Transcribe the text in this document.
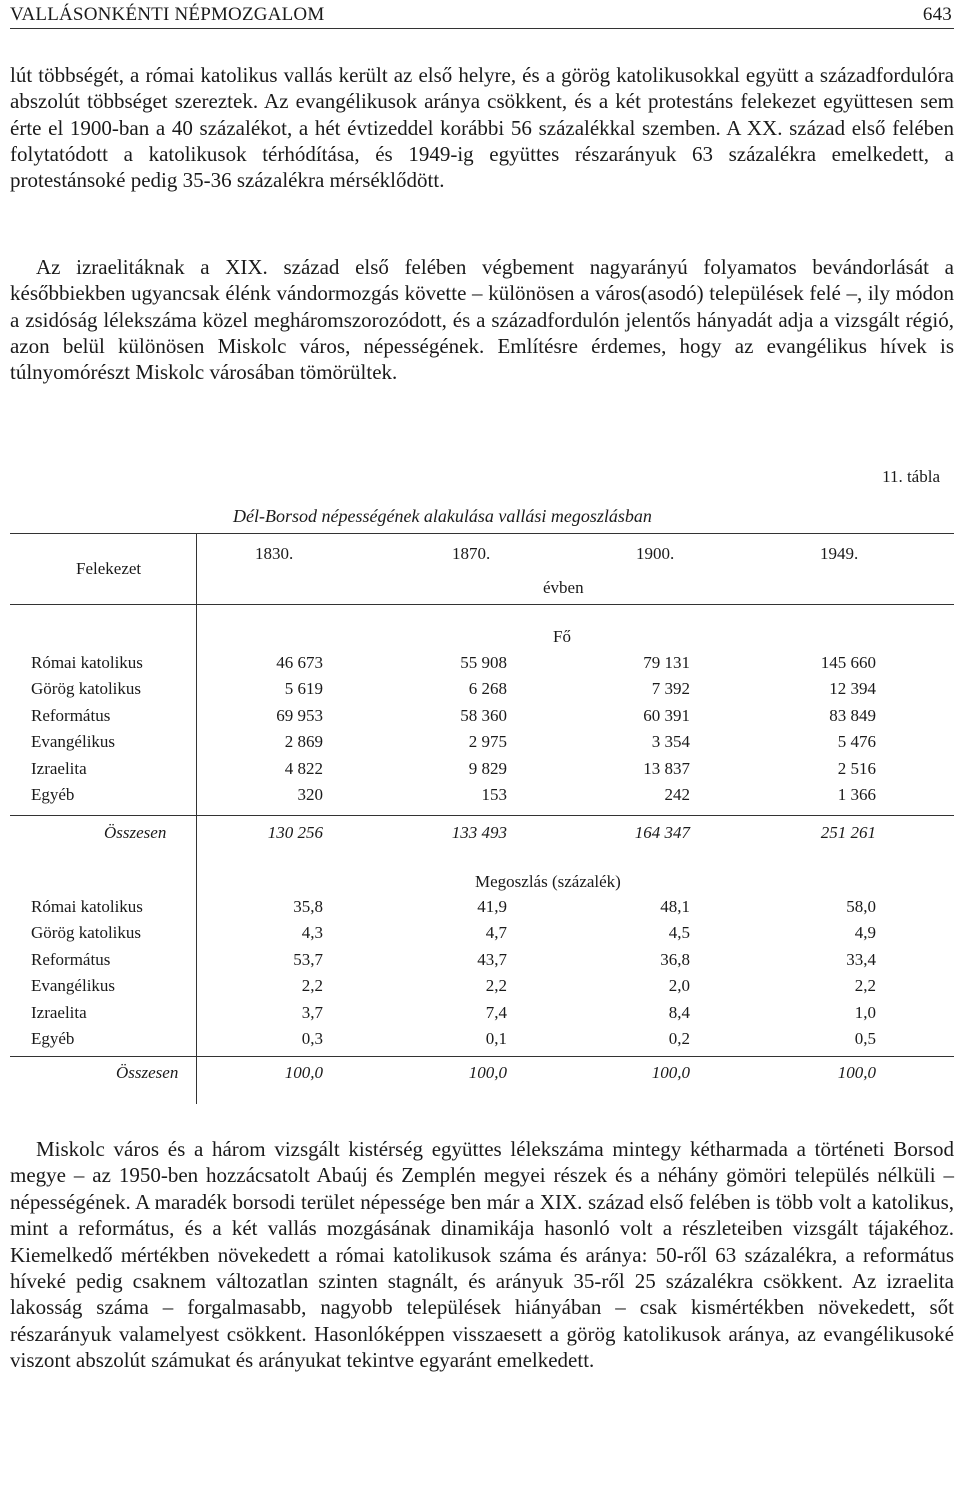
VALLÁSONKÉNTI NÉPMOZGALOM	643

lút többségét, a római katolikus vallás került az első helyre, és a görög katolikusokkal együtt a századfordulóra abszolút többséget szereztek. Az evangélikusok aránya csökkent, és a két protestáns felekezet együttesen sem érte el 1900-ban a 40 százalékot, a hét évtizeddel korábbi 56 százalékkal szemben. A XX. század első felében folytatódott a katolikusok térhódítása, és 1949-ig együttes részarányuk 63 százalékra emelkedett, a protestánsoké pedig 35-36 százalékra mérséklődött.

Az izraelitáknak a XIX. század első felében végbement nagyarányú folyamatos bevándorlását a későbbiekben ugyancsak élénk vándormozgás követte – különösen a város(asodó) települések felé –, ily módon a zsidóság lélekszáma közel megháromszorozódott, és a századfordulón jelentős hányadát adja a vizsgált régió, azon belül különösen Miskolc város, népességének. Említésre érdemes, hogy az evangélikus hívek is túlnyomórészt Miskolc városában tömörültek.

11. tábla
Dél-Borsod népességének alakulása vallási megoszlásban
Felekezet
1830.	1870.	1900.	1949.
évben
Fő
Római katolikus	46 673	55 908	79 131	145 660
Görög katolikus	5 619	6 268	7 392	12 394
Református	69 953	58 360	60 391	83 849
Evangélikus	2 869	2 975	3 354	5 476
Izraelita	4 822	9 829	13 837	2 516
Egyéb	320	153	242	1 366
Összesen	130 256	133 493	164 347	251 261
Megoszlás (százalék)
Római katolikus	35,8	41,9	48,1	58,0
Görög katolikus	4,3	4,7	4,5	4,9
Református	53,7	43,7	36,8	33,4
Evangélikus	2,2	2,2	2,0	2,2
Izraelita	3,7	7,4	8,4	1,0
Egyéb	0,3	0,1	0,2	0,5
Összesen	100,0	100,0	100,0	100,0

Miskolc város és a három vizsgált kistérség együttes lélekszáma mintegy kétharmada a történeti Borsod megye – az 1950-ben hozzácsatolt Abaúj és Zemplén megyei részek és a néhány gömöri település nélküli – népességének. A maradék borsodi terület népessége ben már a XIX. század első felében is több volt a katolikus, mint a református, és a két vallás mozgásának dinamikája hasonló volt a részleteiben vizsgált tájakéhoz. Kiemelkedő mértékben növekedett a római katolikusok száma és aránya: 50-ről 63 százalékra, a református híveké pedig csaknem változatlan szinten stagnált, és arányuk 35-ről 25 százalékra csökkent. Az izraelita lakosság száma – forgalmasabb, nagyobb települések hiányában – csak kismértékben növekedett, sőt részarányuk valamelyest csökkent. Hasonlóképpen visszaesett a görög katolikusok aránya, az evangélikusoké viszont abszolút számukat és arányukat tekintve egyaránt emelkedett.
